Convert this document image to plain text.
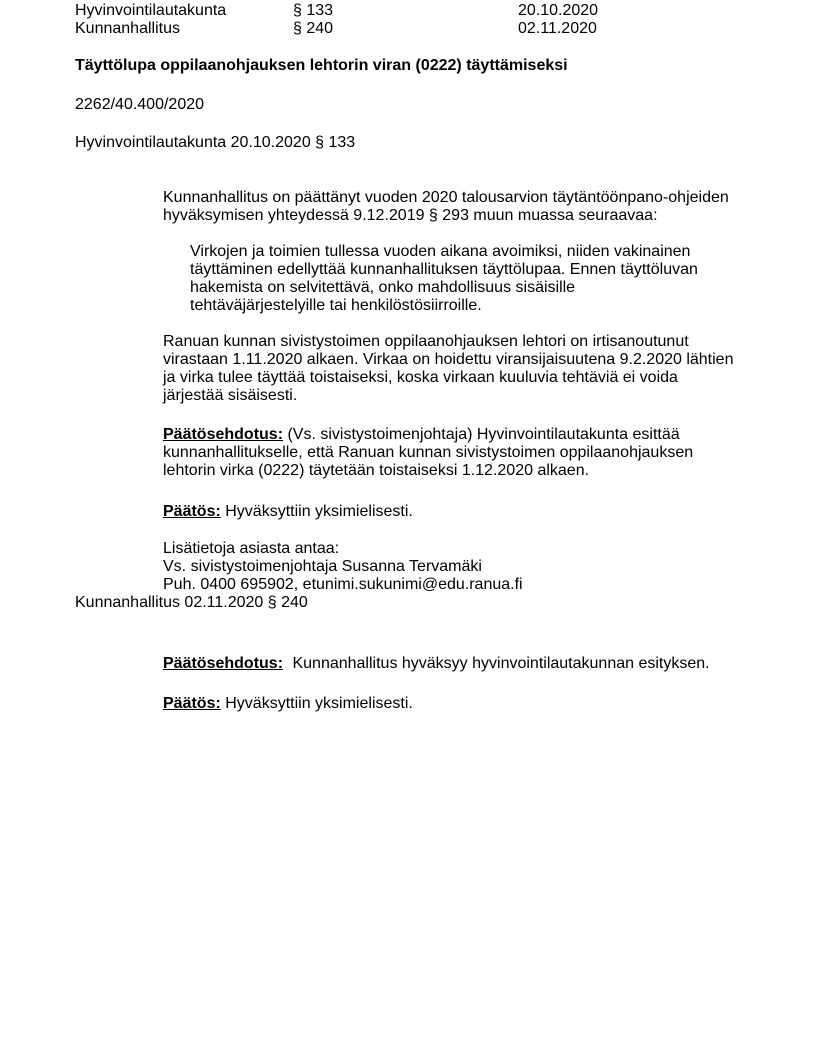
Hyvinvointilautakunta	§ 133	20.10.2020
Kunnanhallitus	§ 240	02.11.2020
Täyttölupa oppilaanohjauksen lehtorin viran (0222) täyttämiseksi

2262/40.400/2020

Hyvinvointilautakunta 20.10.2020 § 133

Kunnanhallitus on päättänyt vuoden 2020 talousarvion täytäntöönpano-ohjeiden
hyväksymisen yhteydessä 9.12.2019 § 293 muun muassa seuraavaa:
Virkojen ja toimien tullessa vuoden aikana avoimiksi, niiden vakinainen
täyttäminen edellyttää kunnanhallituksen täyttölupaa. Ennen täyttöluvan
hakemista on selvitettävä, onko mahdollisuus sisäisille
tehtäväjärjestelyille tai henkilöstösiirroille.
Ranuan kunnan sivistystoimen oppilaanohjauksen lehtori on irtisanoutunut
virastaan 1.11.2020 alkaen. Virkaa on hoidettu viransijaisuutena 9.2.2020 lähtien
ja virka tulee täyttää toistaiseksi, koska virkaan kuuluvia tehtäviä ei voida
järjestää sisäisesti.
Päätösehdotus: (Vs. sivistystoimenjohtaja) Hyvinvointilautakunta esittää
kunnanhallitukselle, että Ranuan kunnan sivistystoimen oppilaanohjauksen
lehtorin virka (0222) täytetään toistaiseksi 1.12.2020 alkaen.
Päätös: Hyväksyttiin yksimielisesti.
Lisätietoja asiasta antaa:
Vs. sivistystoimenjohtaja Susanna Tervamäki
Puh. 0400 695902, etunimi.sukunimi@edu.ranua.fi

Kunnanhallitus 02.11.2020 § 240

Päätösehdotus: Kunnanhallitus hyväksyy hyvinvointilautakunnan esityksen.
Päätös: Hyväksyttiin yksimielisesti.
